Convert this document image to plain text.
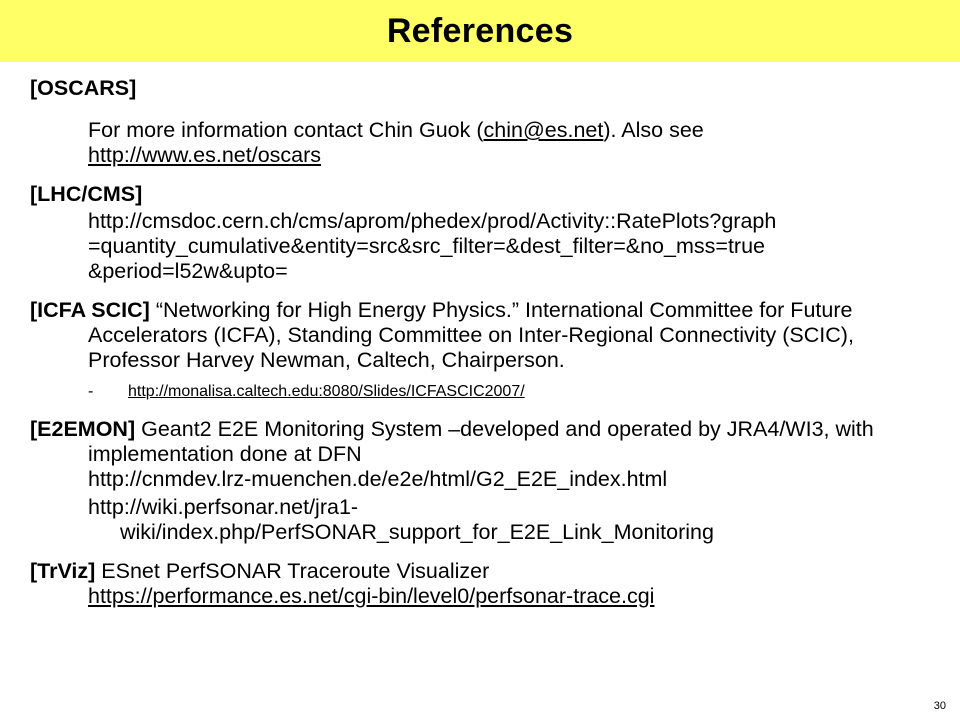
References

[OSCARS]

For more information contact Chin Guok (chin@es.net). Also see
http://www.es.net/oscars

[LHC/CMS]

http://cmsdoc.cern.ch/cms/aprom/phedex/prod/Activity::RatePlots?graph
=quantity_cumulative&entity=src&src_filter=&dest_filter=&no_mss=true
&period=l52w&upto=

[ICFA SCIC] “Networking for High Energy Physics.” International Committee for Future Accelerators (ICFA), Standing Committee on Inter-Regional Connectivity (SCIC), Professor Harvey Newman, Caltech, Chairperson.

- http://monalisa.caltech.edu:8080/Slides/ICFASCIC2007/

[E2EMON] Geant2 E2E Monitoring System –developed and operated by JRA4/WI3, with implementation done at DFN

http://cnmdev.lrz-muenchen.de/e2e/html/G2_E2E_index.html

http://wiki.perfsonar.net/jra1-
wiki/index.php/PerfSONAR_support_for_E2E_Link_Monitoring

[TrViz] ESnet PerfSONAR Traceroute Visualizer

https://performance.es.net/cgi-bin/level0/perfsonar-trace.cgi

30
